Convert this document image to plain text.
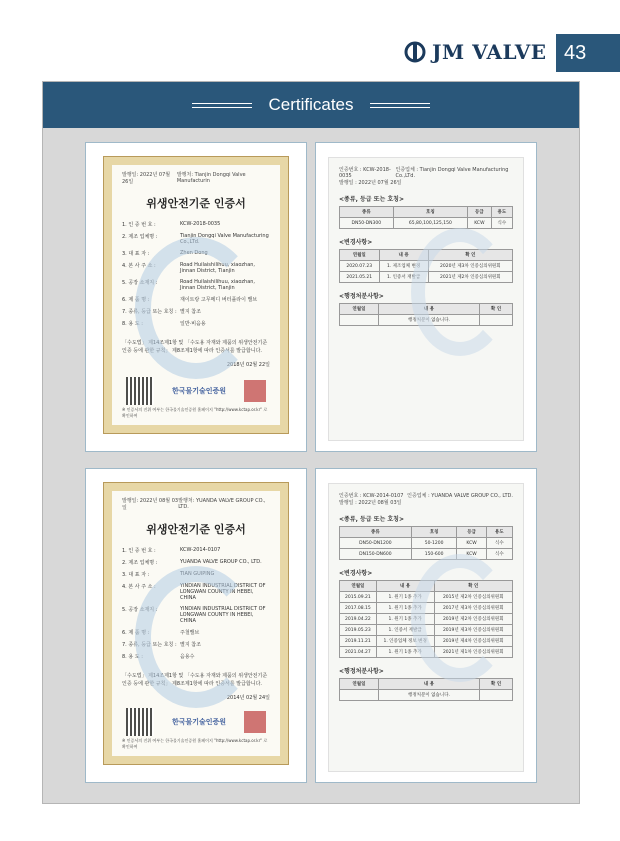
JM VALVE 43
Certificates
발행일: 2022년 07월 26일
발행처: Tianjin Dongqi Valve Manufacturin
위생안전기준 인증서
1. 인 증 번 호 :	KCW-2018-0035
2. 제조 업체명 :	Tianjin Dongqi Valve Manufacturing Co.,LTd.
3. 대 표 자 :	Zhen Dong
4. 본 사 주 소 :	Road Huilaishilihuu, xiaozhan, Jinnan District, Tianjin
5. 공장 소재지 :	Road Huilaishilihuu, xiaozhan, Jinnan District, Tianjin
6. 제 품 명 :	재이트랑 고무메디 버터플라이 밸브
7. 종류, 등급 또는 호칭 : 별지 참조
8. 용 도 :	일반·비음용
「수도법」 제14조제1항 및 「수도용 자재와 제품의 위생안전기준 인증 등에 관한 규칙」 제8조제1항에 따라 인증서를 발급합니다.
2018년 02월 22일
한국물기술인증원
※ 인증서의 진위 여부는 한국물기술인증원 홈페이지 "http://www.kctap.or.kr" 로 확인하여
인증번호 : KCW-2018-0035
인증업체 : Tianjin Dongqi Valve Manufacturing Co.,LTd.
발행일 : 2022년 07월 26일
<종류, 등급 또는 호칭>
종류	호칭	등급	용도
DN50-DN300	65,80,100,125,150	KCW	식수
<변경사항>
연월일	내 용	확 인
2020.07.23	1. 제조업체 변경	2020년 제3차 인증심의위원회
2021.05.21	1. 인증서 재발급	2021년 제2차 인증심의위원회
<행정처분사항>
연월일	내 용	확 인
	행정처분이 없습니다.	
발행일: 2022년 08월 03일
발행처: YUANDA VALVE GROUP CO., LTD.
위생안전기준 인증서
1. 인 증 번 호 :	KCW-2014-0107
2. 제조 업체명 :	YUANDA VALVE GROUP CO., LTD.
3. 대 표 자 :	TIAN GUIPING
4. 본 사 주 소 :	YINDIAN INDUSTRIAL DISTRICT OF LONGWAN COUNTY IN HEBEI, CHINA
5. 공장 소재지 :	YINDIAN INDUSTRIAL DISTRICT OF LONGWAN COUNTY IN HEBEI, CHINA
6. 제 품 명 :	주철밸브
7. 종류, 등급 또는 호칭 : 별지 참조
8. 용 도 :	음용수
「수도법」 제14조제1항 및 「수도용 자재와 제품의 위생안전기준 인증 등에 관한 규칙」 제8조제1항에 따라 인증서를 발급합니다.
2014년 02월 24일
한국물기술인증원
※ 인증서의 진위 여부는 한국물기술인증원 홈페이지 "http://www.kctap.or.kr" 로 확인하여
인증번호 : KCW-2014-0107 인증업체 : YUANDA VALVE GROUP CO., LTD.
발행일 : 2022년 08월 03일
<종류, 등급 또는 호칭>
종류	호칭	등급	용도
DN50-DN1200	50-1200	KCW	식수
DN150-DN600	150-600	KCW	식수
<변경사항>
연월일	내 용	확 인
2015.09.21	1. 원기 1종 추가	2015년 제2차 인증심의위원회
2017.08.15	1. 원기 1종 추가	2017년 제3차 인증심의위원회
2019.04.22	1. 원기 1종 추가	2019년 제2차 인증심의위원회
2019.05.23	1. 인증서 재발급	2019년 제3차 인증심의위원회
2019.11.21	1. 인증업체 정보 변경	2019년 제4차 인증심의위원회
2021.04.27	1. 원기 1종 추가	2021년 제1차 인증심의위원회
<행정처분사항>
연월일	내 용	확 인
	행정처분이 없습니다.	
